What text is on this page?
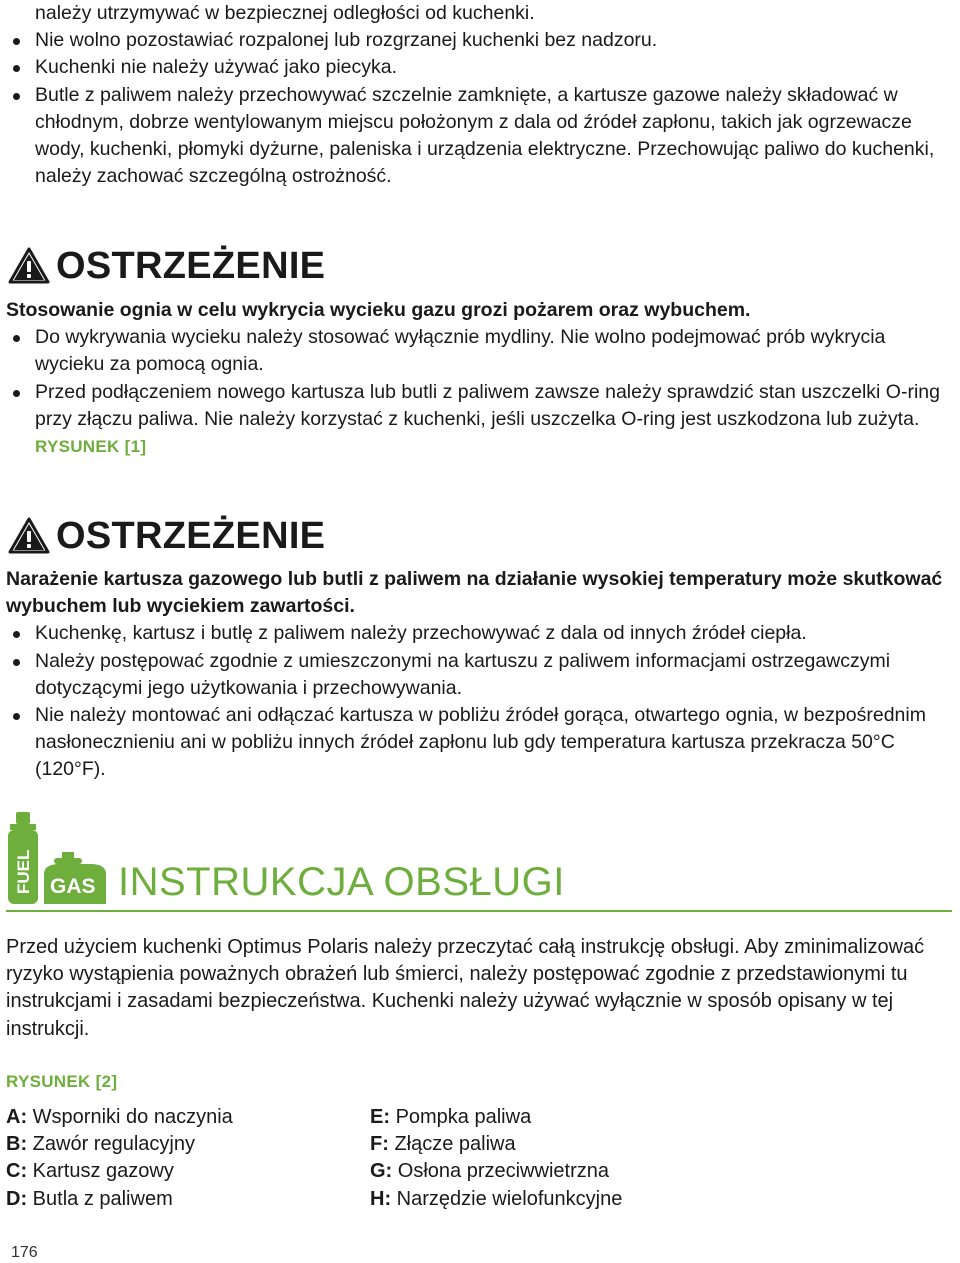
należy utrzymywać w bezpiecznej odległości od kuchenki.
Nie wolno pozostawiać rozpalonej lub rozgrzanej kuchenki bez nadzoru.
Kuchenki nie należy używać jako piecyka.
Butle z paliwem należy przechowywać szczelnie zamknięte, a kartusze gazowe należy składować w chłodnym, dobrze wentylowanym miejscu położonym z dala od źródeł zapłonu, takich jak ogrzewacze wody, kuchenki, płomyki dyżurne, paleniska i urządzenia elektryczne. Przechowując paliwo do kuchenki, należy zachować szczególną ostrożność.
OSTRZEŻENIE
Stosowanie ognia w celu wykrycia wycieku gazu grozi pożarem oraz wybuchem.
Do wykrywania wycieku należy stosować wyłącznie mydliny. Nie wolno podejmować prób wykrycia wycieku za pomocą ognia.
Przed podłączeniem nowego kartusza lub butli z paliwem zawsze należy sprawdzić stan uszczelki O-ring przy złączu paliwa. Nie należy korzystać z kuchenki, jeśli uszczelka O-ring jest uszkodzona lub zużyta. RYSUNEK [1]
OSTRZEŻENIE
Narażenie kartusza gazowego lub butli z paliwem na działanie wysokiej temperatury może skutkować wybuchem lub wyciekiem zawartości.
Kuchenkę, kartusz i butlę z paliwem należy przechowywać z dala od innych źródeł ciepła.
Należy postępować zgodnie z umieszczonymi na kartuszu z paliwem informacjami ostrzegawczymi dotyczącymi jego użytkowania i przechowywania.
Nie należy montować ani odłączać kartusza w pobliżu źródeł gorąca, otwartego ognia, w bezpośrednim nasłonecznieniu ani w pobliżu innych źródeł zapłonu lub gdy temperatura kartusza przekracza 50°C (120°F).
FUEL GAS INSTRUKCJA OBSŁUGI
Przed użyciem kuchenki Optimus Polaris należy przeczytać całą instrukcję obsługi. Aby zminimalizować ryzyko wystąpienia poważnych obrażeń lub śmierci, należy postępować zgodnie z przedstawionymi tu instrukcjami i zasadami bezpieczeństwa. Kuchenki należy używać wyłącznie w sposób opisany w tej instrukcji.
RYSUNEK [2]
A: Wsporniki do naczynia	E: Pompka paliwa
B: Zawór regulacyjny	F: Złącze paliwa
C: Kartusz gazowy	G: Osłona przeciwwietrzna
D: Butla z paliwem	H: Narzędzie wielofunkcyjne
176
